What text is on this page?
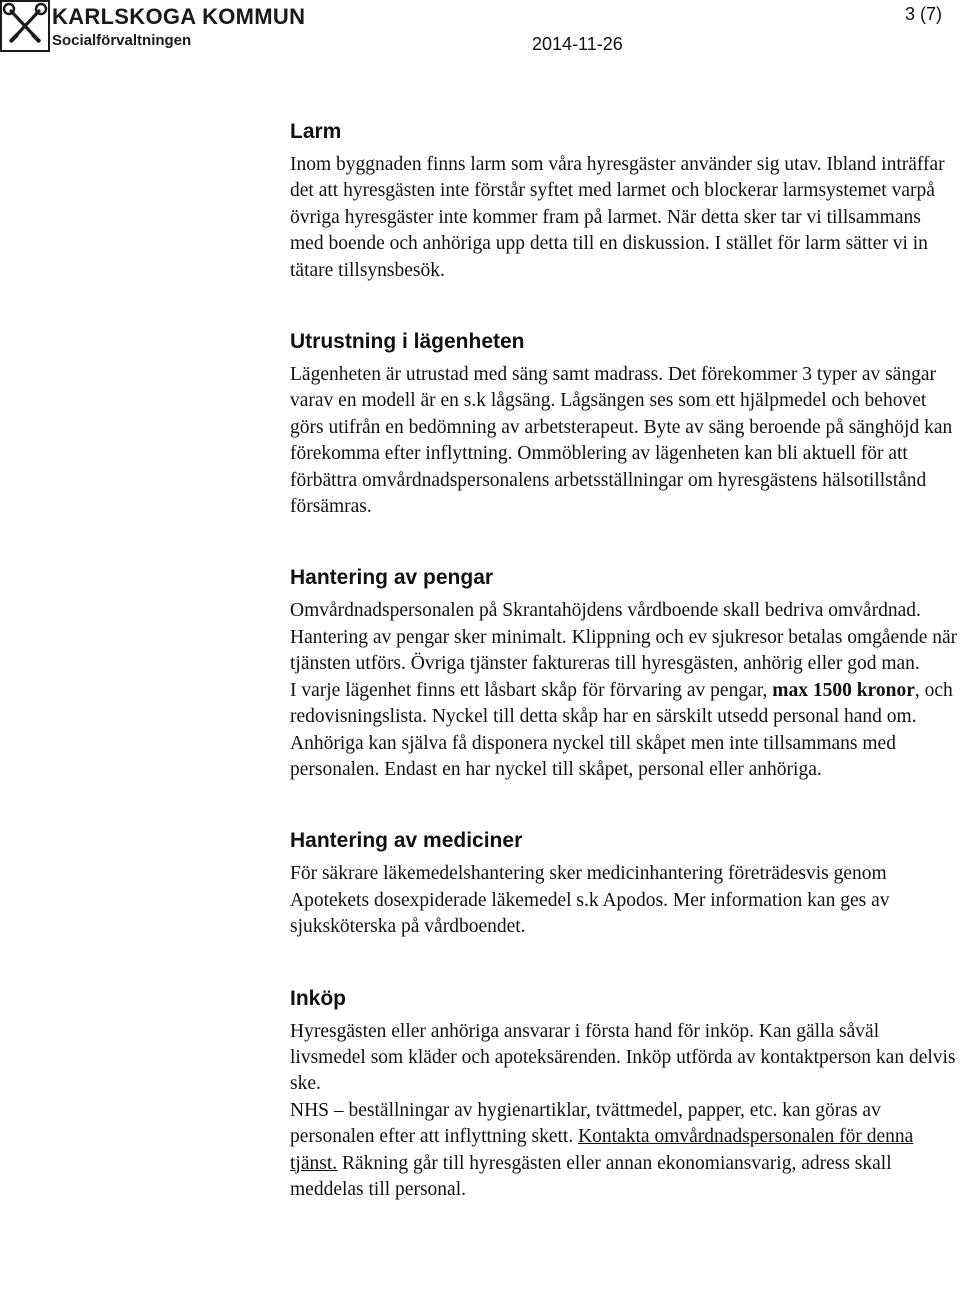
KARLSKOGA KOMMUN
Socialförvaltningen	2014-11-26
3 (7)
Larm

Inom byggnaden finns larm som våra hyresgäster använder sig utav. Ibland inträffar det att hyresgästen inte förstår syftet med larmet och blockerar larmsystemet varpå övriga hyresgäster inte kommer fram på larmet. När detta sker tar vi tillsammans med boende och anhöriga upp detta till en diskussion. I stället för larm sätter vi in tätare tillsynsbesök.

Utrustning i lägenheten

Lägenheten är utrustad med säng samt madrass. Det förekommer 3 typer av sängar varav en modell är en s.k lågsäng. Lågsängen ses som ett hjälpmedel och behovet görs utifrån en bedömning av arbetsterapeut. Byte av säng beroende på sänghöjd kan förekomma efter inflyttning. Ommöblering av lägenheten kan bli aktuell för att förbättra omvårdnadspersonalens arbetsställningar om hyresgästens hälsotillstånd försämras.

Hantering av pengar

Omvårdnadspersonalen på Skrantahöjdens vårdboende skall bedriva omvårdnad. Hantering av pengar sker minimalt. Klippning och ev sjukresor betalas omgående när tjänsten utförs. Övriga tjänster faktureras till hyresgästen, anhörig eller god man.

I varje lägenhet finns ett låsbart skåp för förvaring av pengar, max 1500 kronor, och redovisningslista. Nyckel till detta skåp har en särskilt utsedd personal hand om. Anhöriga kan själva få disponera nyckel till skåpet men inte tillsammans med personalen. Endast en har nyckel till skåpet, personal eller anhöriga.

Hantering av mediciner

För säkrare läkemedelshantering sker medicinhantering företrädesvis genom Apotekets dosexpiderade läkemedel s.k Apodos. Mer information kan ges av sjuksköterska på vårdboendet.

Inköp

Hyresgästen eller anhöriga ansvarar i första hand för inköp. Kan gälla såväl livsmedel som kläder och apoteksärenden. Inköp utförda av kontaktperson kan delvis ske.

NHS – beställningar av hygienartiklar, tvättmedel, papper, etc. kan göras av personalen efter att inflyttning skett. Kontakta omvårdnadspersonalen för denna tjänst. Räkning går till hyresgästen eller annan ekonomiansvarig, adress skall meddelas till personal.
